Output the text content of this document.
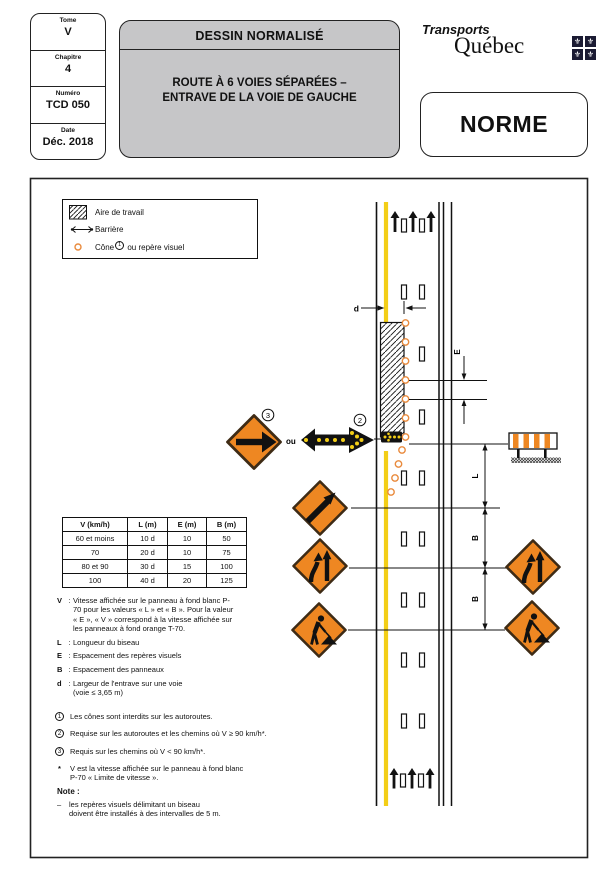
Tome
V
Chapitre
4
Numéro
TCD 050
Date
Déc. 2018
DESSIN NORMALISÉ
ROUTE À 6 VOIES SÉPARÉES –
ENTRAVE DE LA VOIE DE GAUCHE
Transports
Québec	⚜ ⚜
⚜ ⚜
NORME
d
E
L
B
B
3
ou
2
Aire de travail
Barrière
Cône 1 ou repère visuel
V (km/h)	L (m)	E (m)	B (m)
60 et moins	10 d	10	50
70	20 d	10	75
80 et 90	30 d	15	100
100	40 d	20	125
V : Vitesse affichée sur le panneau à fond blanc P-70 pour les valeurs « L » et « B ». Pour la valeur « E », « V » correspond à la vitesse affichée sur les panneaux à fond orange T-70.
L : Longueur du biseau
E : Espacement des repères visuels
B : Espacement des panneaux
d : Largeur de l'entrave sur une voie
(voie ≤ 3,65 m)
1	Les cônes sont interdits sur les autoroutes.
2	Requise sur les autoroutes et les chemins où V ≥ 90 km/h*.
3	Requis sur les chemins où V < 90 km/h*.
*	V est la vitesse affichée sur le panneau à fond blanc P-70 « Limite de vitesse ».
Note :
–	les repères visuels délimitant un biseau doivent être installés à des intervalles de 5 m.
